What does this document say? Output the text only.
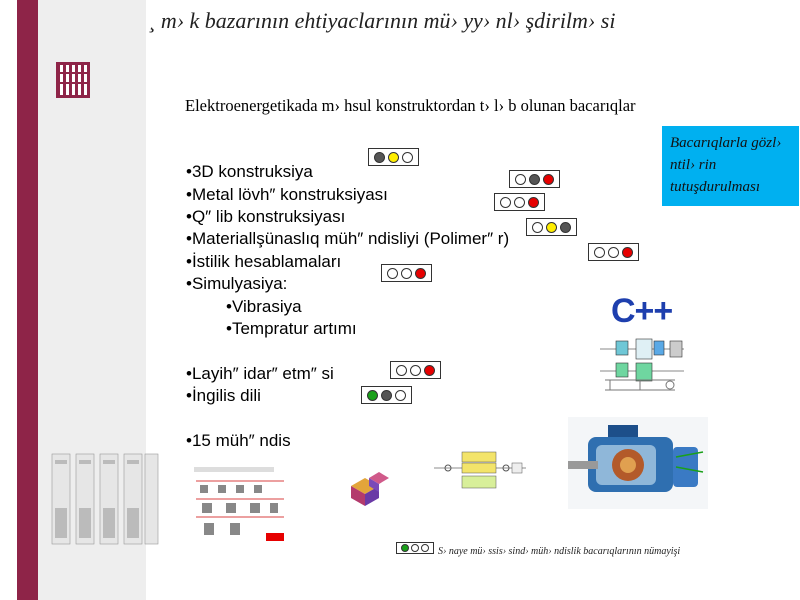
¸ m› k bazarının ehtiyaclarının mü› yy› nl› şdirilm› si
Elektroenergetikada m› hsul konstruktordan t› l› b olunan bacarıqlar
•3D konstruksiya
•Metal lövh″ konstruksiyası
•Q″ lib konstruksiyası
•Materiallşünaslıq müh″ ndisliyi (Polimer″ r)
•İstilik hesablamaları
•Simulyasiya:
•Vibrasiya
•Tempratur artımı
•Layih″ idar″ etm″ si
•İngilis dili
•15 müh″ ndis
Bacarıqlarla gözl› ntil› rin tutuşdurulması
C++
S› naye mü› ssis› sind› müh› ndislik bacarıqlarının nümayişi
